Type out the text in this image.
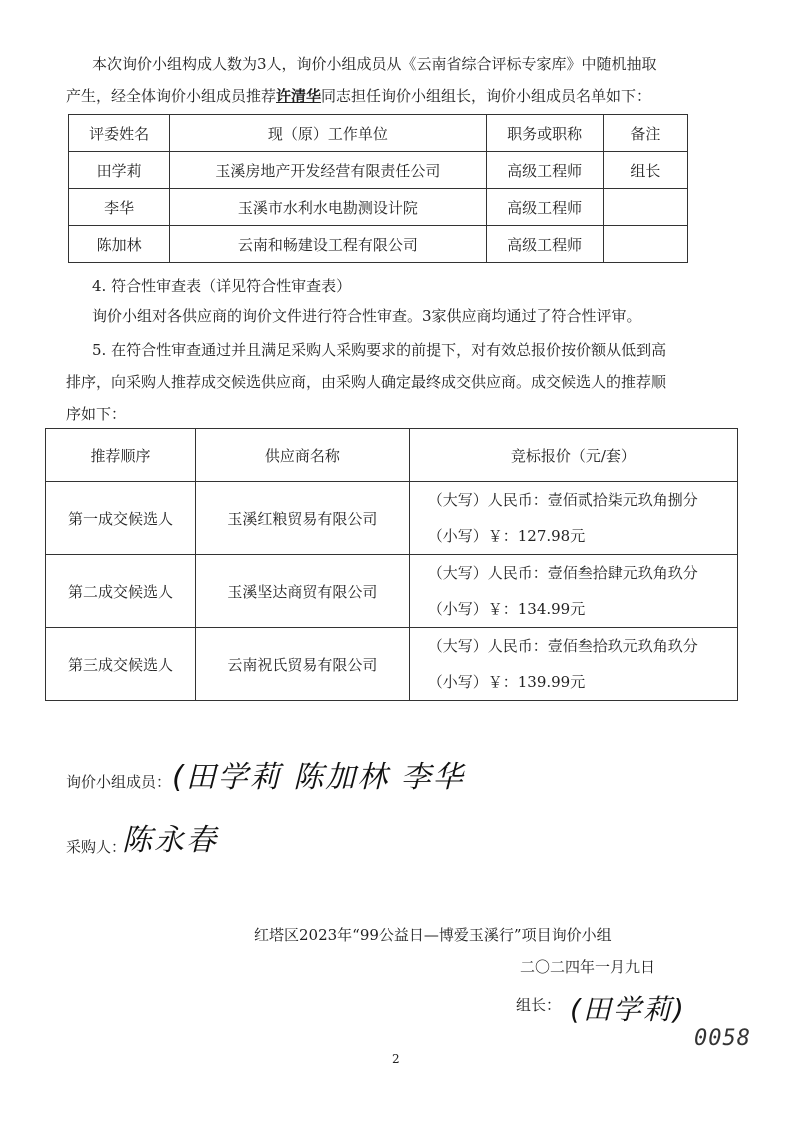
本次询价小组构成人数为3人，询价小组成员从《云南省综合评标专家库》中随机抽取

产生，经全体询价小组成员推荐许清华同志担任询价小组组长，询价小组成员名单如下：

评委姓名	现（原）工作单位	职务或职称	备注
田学莉	玉溪房地产开发经营有限责任公司	高级工程师	组长
李华	玉溪市水利水电勘测设计院	高级工程师	
陈加林	云南和畅建设工程有限公司	高级工程师	

4. 符合性审查表（详见符合性审查表）

询价小组对各供应商的询价文件进行符合性审查。3家供应商均通过了符合性评审。

5. 在符合性审查通过并且满足采购人采购要求的前提下，对有效总报价按价额从低到高

排序，向采购人推荐成交候选供应商，由采购人确定最终成交供应商。成交候选人的推荐顺

序如下：

推荐顺序	供应商名称	竞标报价（元/套）
第一成交候选人	玉溪红粮贸易有限公司	（大写）人民币：壹佰贰拾柒元玖角捌分
（小写）￥：127.98元

第二成交候选人	玉溪坚达商贸有限公司	（大写）人民币：壹佰叁拾肆元玖角玖分
（小写）￥：134.99元

第三成交候选人	云南祝氏贸易有限公司	（大写）人民币：壹佰叁拾玖元玖角玖分
（小写）￥：139.99元
询价小组成员： (田学莉 陈加林 李华
采购人：
陈永春
红塔区2023年“99公益日—博爱玉溪行”项目询价小组
二〇二四年一月九日
组长： (田学莉)
0058
2
